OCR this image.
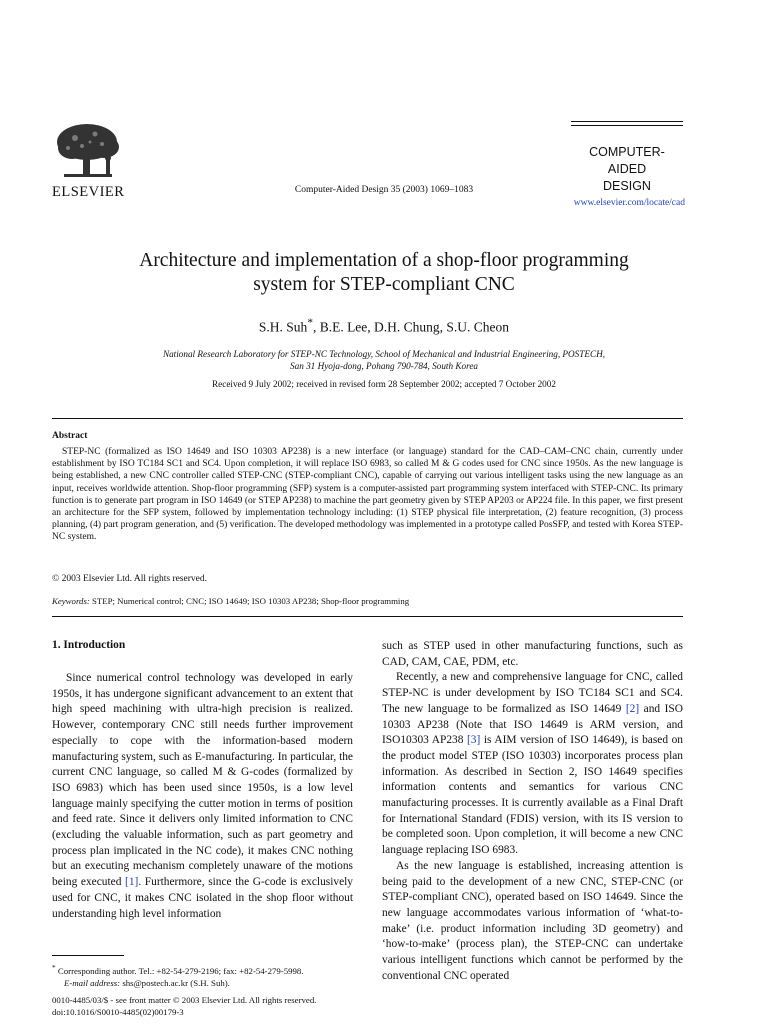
ELSEVIER	Computer-Aided Design 35 (2003) 1069–1083
COMPUTER-AIDED
DESIGN
www.elsevier.com/locate/cad
Architecture and implementation of a shop-floor programming
system for STEP-compliant CNC
S.H. Suh*, B.E. Lee, D.H. Chung, S.U. Cheon
National Research Laboratory for STEP-NC Technology, School of Mechanical and Industrial Engineering, POSTECH,
San 31 Hyoja-dong, Pohang 790-784, South Korea
Received 9 July 2002; received in revised form 28 September 2002; accepted 7 October 2002
Abstract

STEP-NC (formalized as ISO 14649 and ISO 10303 AP238) is a new interface (or language) standard for the CAD–CAM–CNC chain, currently under establishment by ISO TC184 SC1 and SC4. Upon completion, it will replace ISO 6983, so called M & G codes used for CNC since 1950s. As the new language is being established, a new CNC controller called STEP-CNC (STEP-compliant CNC), capable of carrying out various intelligent tasks using the new language as an input, receives worldwide attention. Shop-floor programming (SFP) system is a computer-assisted part programming system interfaced with STEP-CNC. Its primary function is to generate part program in ISO 14649 (or STEP AP238) to machine the part geometry given by STEP AP203 or AP224 file. In this paper, we first present an architecture for the SFP system, followed by implementation technology including: (1) STEP physical file interpretation, (2) feature recognition, (3) process planning, (4) part program generation, and (5) verification. The developed methodology was implemented in a prototype called PosSFP, and tested with Korea STEP-NC system.

© 2003 Elsevier Ltd. All rights reserved.
Keywords: STEP; Numerical control; CNC; ISO 14649; ISO 10303 AP238; Shop-floor programming
1. Introduction

Since numerical control technology was developed in early 1950s, it has undergone significant advancement to an extent that high speed machining with ultra-high precision is realized. However, contemporary CNC still needs further improvement especially to cope with the information-based modern manufacturing system, such as E-manufacturing. In particular, the current CNC language, so called M & G-codes (formalized by ISO 6983) which has been used since 1950s, is a low level language mainly specifying the cutter motion in terms of position and feed rate. Since it delivers only limited information to CNC (excluding the valuable information, such as part geometry and process plan implicated in the NC code), it makes CNC nothing but an executing mechanism completely unaware of the motions being executed [1]. Furthermore, since the G-code is exclusively used for CNC, it makes CNC isolated in the shop floor without understanding high level information

such as STEP used in other manufacturing functions, such as CAD, CAM, CAE, PDM, etc.

Recently, a new and comprehensive language for CNC, called STEP-NC is under development by ISO TC184 SC1 and SC4. The new language to be formalized as ISO 14649 [2] and ISO 10303 AP238 (Note that ISO 14649 is ARM version, and ISO10303 AP238 [3] is AIM version of ISO 14649), is based on the product model STEP (ISO 10303) incorporates process plan information. As described in Section 2, ISO 14649 specifies information contents and semantics for various CNC manufacturing processes. It is currently available as a Final Draft for International Standard (FDIS) version, with its IS version to be completed soon. Upon completion, it will become a new CNC language replacing ISO 6983.

As the new language is established, increasing attention is being paid to the development of a new CNC, STEP-CNC (or STEP-compliant CNC), operated based on ISO 14649. Since the new language accommodates various information of ‘what-to-make’ (i.e. product information including 3D geometry) and ‘how-to-make’ (process plan), the STEP-CNC can undertake various intelligent functions which cannot be performed by the conventional CNC operated

* Corresponding author. Tel.: +82-54-279-2196; fax: +82-54-279-5998.
E-mail address: shs@postech.ac.kr (S.H. Suh).
0010-4485/03/$ - see front matter © 2003 Elsevier Ltd. All rights reserved.
doi:10.1016/S0010-4485(02)00179-3
